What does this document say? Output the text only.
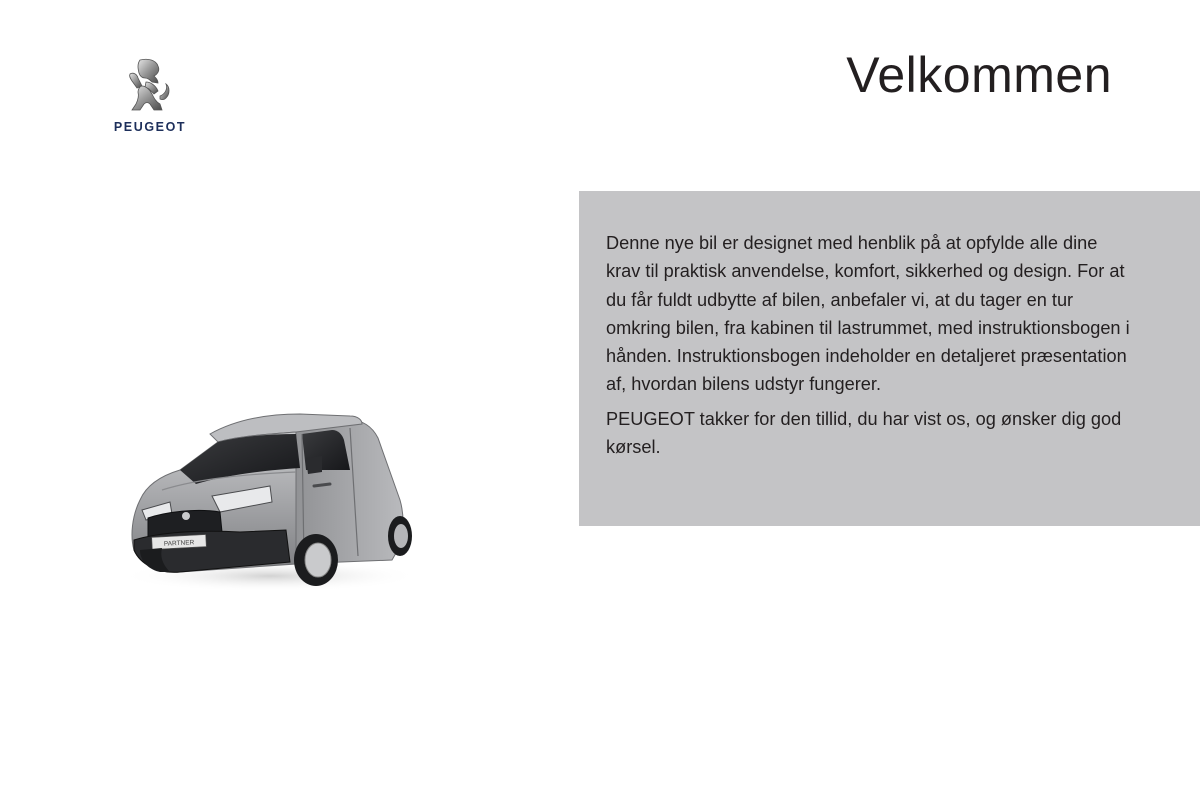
PEUGEOT
Velkommen

Denne nye bil er designet med henblik på at opfylde alle dine krav til praktisk anvendelse, komfort, sikkerhed og design. For at du får fuldt udbytte af bilen, anbefaler vi, at du tager en tur omkring bilen, fra kabinen til lastrummet, med instruktionsbogen i hånden. Instruktionsbogen indeholder en detaljeret præsentation af, hvordan bilens udstyr fungerer.

PEUGEOT takker for den tillid, du har vist os, og ønsker dig god kørsel.

PARTNER
